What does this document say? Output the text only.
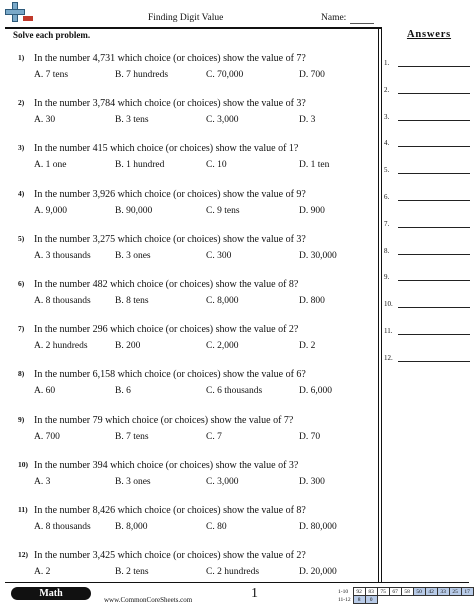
Finding Digit Value	Name:
Solve each problem.	Answers
1.
2.
3.
4.
5.
6.
7.
8.
9.
10.
11.
12.
1) In the number 4,731 which choice (or choices) show the value of 7?
A. 7 tens	B. 7 hundreds	C. 70,000	D. 700
2) In the number 3,784 which choice (or choices) show the value of 3?
A. 30	B. 3 tens	C. 3,000	D. 3
3) In the number 415 which choice (or choices) show the value of 1?
A. 1 one	B. 1 hundred	C. 10	D. 1 ten
4) In the number 3,926 which choice (or choices) show the value of 9?
A. 9,000	B. 90,000	C. 9 tens	D. 900
5) In the number 3,275 which choice (or choices) show the value of 3?
A. 3 thousands	B. 3 ones	C. 300	D. 30,000
6) In the number 482 which choice (or choices) show the value of 8?
A. 8 thousands	B. 8 tens	C. 8,000	D. 800
7) In the number 296 which choice (or choices) show the value of 2?
A. 2 hundreds	B. 200	C. 2,000	D. 2
8) In the number 6,158 which choice (or choices) show the value of 6?
A. 60	B. 6	C. 6 thousands	D. 6,000
9) In the number 79 which choice (or choices) show the value of 7?
A. 700	B. 7 tens	C. 7	D. 70
10) In the number 394 which choice (or choices) show the value of 3?
A. 3	B. 3 ones	C. 3,000	D. 300
11) In the number 8,426 which choice (or choices) show the value of 8?
A. 8 thousands	B. 8,000	C. 80	D. 80,000
12) In the number 3,425 which choice (or choices) show the value of 2?
A. 2	B. 2 tens	C. 2 hundreds	D. 20,000
Math
www.CommonCoreSheets.com	1	1-10	92	83	75	67	58	50	42	33	25	17
11-12	8	0								
